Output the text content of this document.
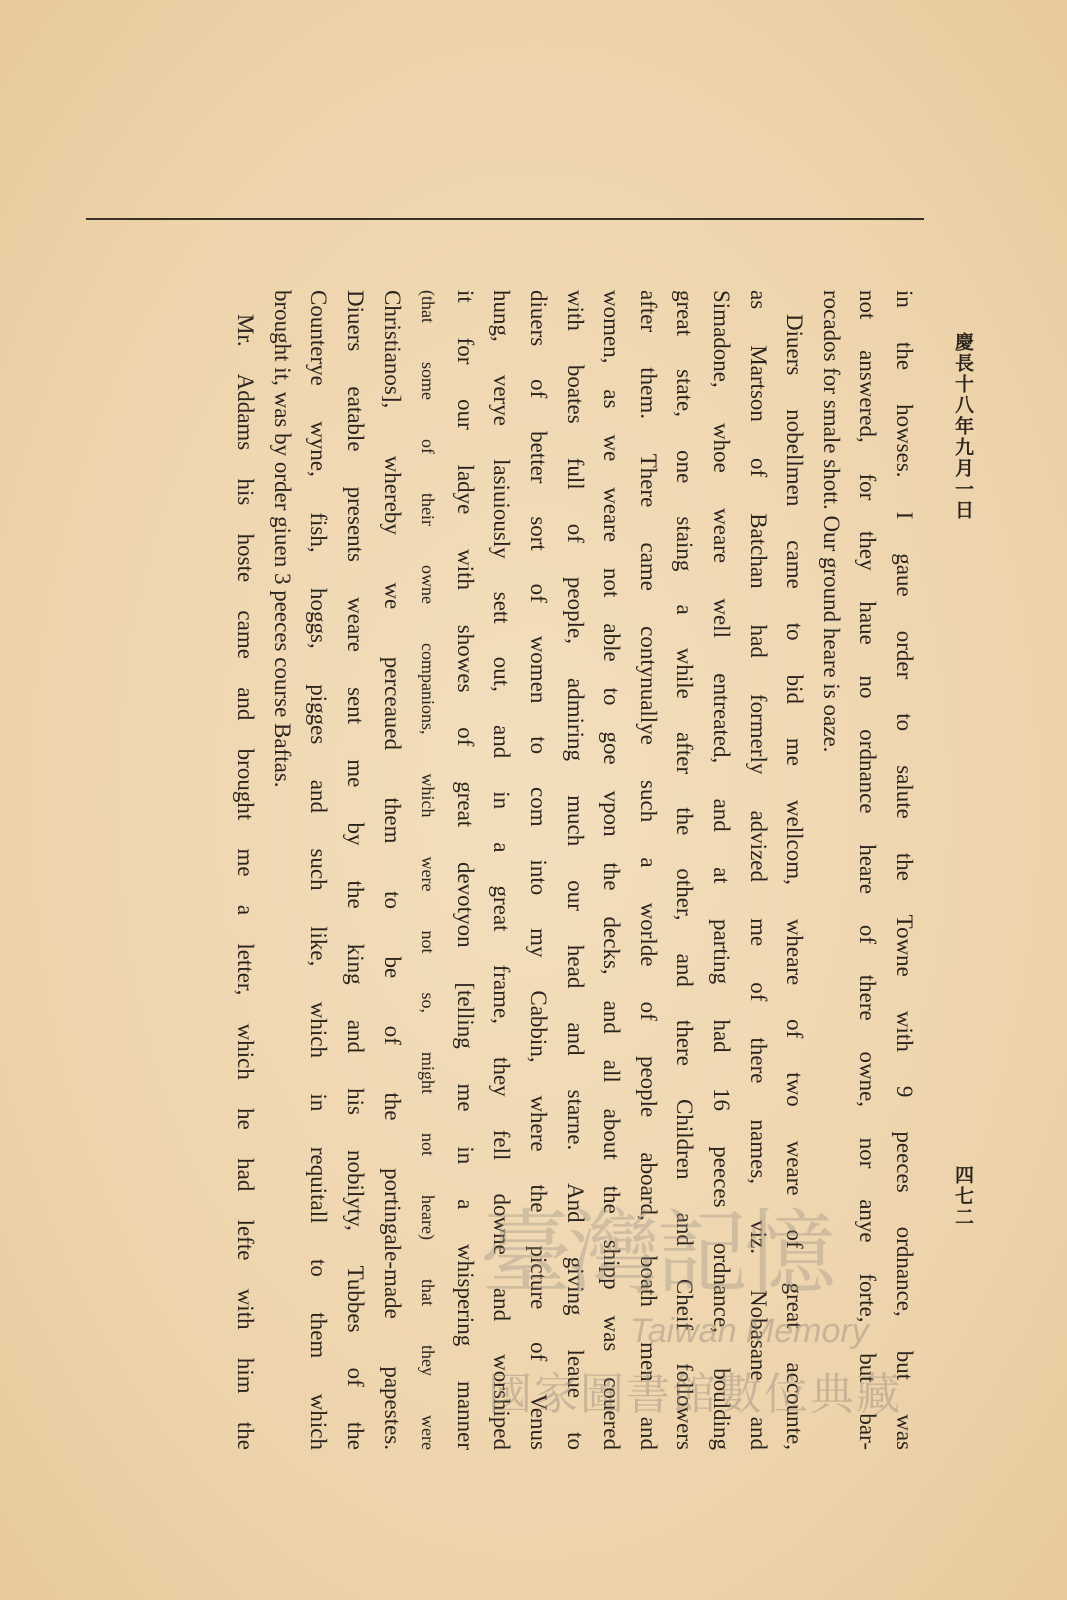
慶長十八年九月一日
四七二
in the howses. I gaue order to salute the Towne with 9 peeces ordnance, but was
not answered, for they haue no ordnance heare of there owne, nor anye forte, but bar-
rocados for smale shott. Our ground heare is oaze.
Diuers nobellmen came to bid me wellcom, wheare of two weare of great accounte,
as Martson of Batchan had formerly advized me of there names, viz. Nobasane and
Simadone, whoe weare well entreated, and at parting had 16 peeces ordnance, boulding
great state, one staing a while after the other, and there Children and Cheif followers
after them. There came contynuallye such a worlde of people aboard, boath men and
women, as we weare not able to goe vpon the decks, and all about the shipp was couered
with boates full of people, admiring much our head and starne. And giving leaue to
diuers of better sort of women to com into my Cabbin, where the picture of Venus
hung, verye lasiuiously sett out, and in a great frame, they fell downe and worshiped
it for our ladye with showes of great devotyon [telling me in a whispering manner
(that some of their owne companions, which were not so, might not heare) that they were
Christianos], whereby we perceaued them to be of the portingale-made papestes.
Diuers eatable presents weare sent me by the king and his nobilyty, Tubbes of the
Counterye wyne, fish, hoggs, pigges and such like, which in requitall to them which
brought it, was by order giuen 3 peeces course Baftas.
Mr. Addams his hoste came and brought me a letter, which he had lefte with him the 臺灣記憶
Taiwan Memory
國家圖書館數位典藏
